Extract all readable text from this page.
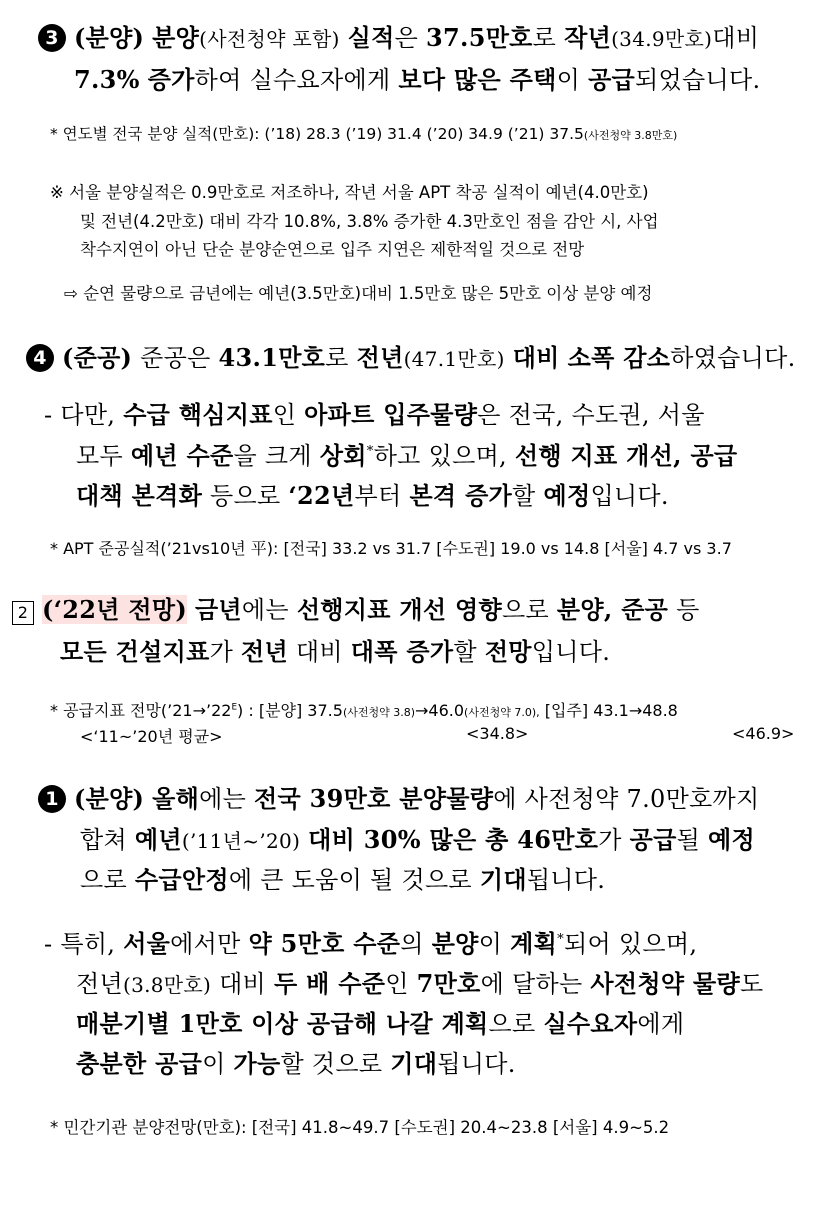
3 (분양) 분양(사전청약 포함) 실적은 37.5만호로 작년(34.9만호)대비
7.3% 증가하여 실수요자에게 보다 많은 주택이 공급되었습니다.
* 연도별 전국 분양 실적(만호): (’18) 28.3 (’19) 31.4 (’20) 34.9 (’21) 37.5(사전청약 3.8만호)
※ 서울 분양실적은 0.9만호로 저조하나, 작년 서울 APT 착공 실적이 예년(4.0만호)
및 전년(4.2만호) 대비 각각 10.8%, 3.8% 증가한 4.3만호인 점을 감안 시, 사업
착수지연이 아닌 단순 분양순연으로 입주 지연은 제한적일 것으로 전망
⇨ 순연 물량으로 금년에는 예년(3.5만호)대비 1.5만호 많은 5만호 이상 분양 예정
4 (준공) 준공은 43.1만호로 전년(47.1만호) 대비 소폭 감소하였습니다.
- 다만, 수급 핵심지표인 아파트 입주물량은 전국, 수도권, 서울
모두 예년 수준을 크게 상회*하고 있으며, 선행 지표 개선, 공급
대책 본격화 등으로 ‘22년부터 본격 증가할 예정입니다.
* APT 준공실적(’21vs10년 平): [전국] 33.2 vs 31.7 [수도권] 19.0 vs 14.8 [서울] 4.7 vs 3.7
2 (‘22년 전망) 금년에는 선행지표 개선 영향으로 분양, 준공 등
모든 건설지표가 전년 대비 대폭 증가할 전망입니다.
* 공급지표 전망$(’21\to’22^E)$ : [분양] 37.5(사전청약 3.8)→46.0(사전청약 7.0), [입주] 43.1→48.8
<‘11~’20년 평균>	<34.8>	<46.9>
1 (분양) 올해에는 전국 39만호 분양물량에 사전청약 7.0만호까지
합쳐 예년(’11년~’20) 대비 30% 많은 총 46만호가 공급될 예정
으로 수급안정에 큰 도움이 될 것으로 기대됩니다.
- 특히, 서울에서만 약 5만호 수준의 분양이 계획*되어 있으며,
전년(3.8만호) 대비 두 배 수준인 7만호에 달하는 사전청약 물량도
매분기별 1만호 이상 공급해 나갈 계획으로 실수요자에게
충분한 공급이 가능할 것으로 기대됩니다.
* 민간기관 분양전망(만호): [전국] 41.8~49.7 [수도권] 20.4~23.8 [서울] 4.9~5.2
